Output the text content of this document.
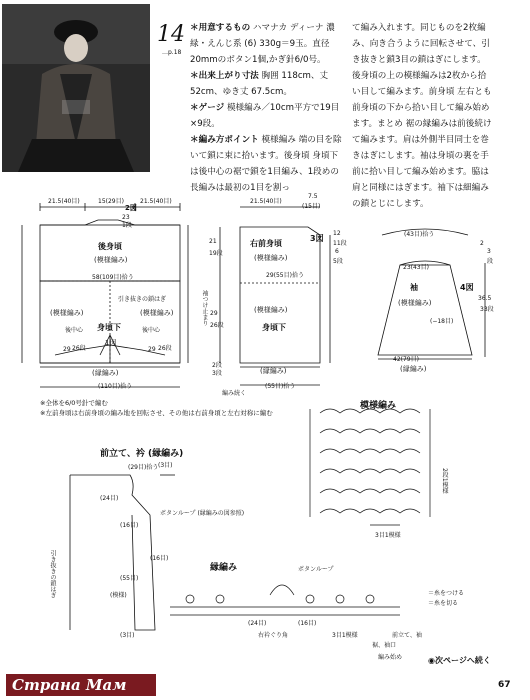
14
…p.18
＊用意するもの ハマナカ ディーナ 濃緑・えんじ系 (6) 330g＝9玉。直径20mmのボタン1個,かぎ針6/0号。
＊出来上がり寸法 胸囲 118cm、丈52cm、ゆき丈 67.5cm。
＊ゲージ 模様編み／10cm平方で19目×9段。
＊編み方ポイント 模様編み 端の目を除いて鎖に束に拾います。後身頃 身頃下は後中心の裾で鎖を1目編み、1段めの長編みは最初の1目を割っ
て編み入れます。同じものを2枚編み、向き合うように回転させて、引き抜きと鎖3目の鎖はぎにします。後身頃の上の模様編みは2枚から拾い目して編みます。前身頃 左右とも前身頃の下から拾い目して編み始めます。まとめ 裾の縁編みは前後続けて編みます。肩は外側半目同士を巻きはぎにします。袖は身頃の裏を手前に拾い目して編み始めます。脇は肩と同様にはぎます。袖下は細編みの鎖とじにします。
21.5(40目)	15(29目)	21.5(40目)
2図
23
1段
後身頃
(模様編み)
58(109目)拾う
引き抜きの鎖はぎ
(模様編み)	(模様編み)
後中心 身頃下	後中心
1図
29 26段	29 26段
(縁編み)
(110目)拾う
21.5(40目)
7.5
(15目)
3図
右前身頃
(模様編み)
29(55目)拾う
(模様編み)
身頃下
(縁編み)
(55目)拾う
編み続く
12
11段
6
5段
21
19段
29
26段
袖つけ止まり
2段
3段
(43目)拾う
23(43目)
袖	4図
(模様編み)
(−18目)
42(79目)
(縁編み)
36.5
33段
2
3
段
※全体を6/0号針で編む
※左前身頃は右前身頃の編み地を回転させ、その他は右前身頃と左右対称に編む
模様編み
2段1模様
3目1模様
前立て、衿 (縁編み)
(29目)拾う
(24目)
ボタンループ (縁編みの図参照)
(16目)
(16目)
(55目)
(3目)
(3目)
引き抜きの鎖はぎ	(模様)
縁編み	ボタンループ
(24目)	(16目)
右衿ぐり角	3目1模様	前立て、袖
裾、袖口
編み始め
＝糸をつける
＝糸を切る
◉次ページへ続く
67
Страна Мам
